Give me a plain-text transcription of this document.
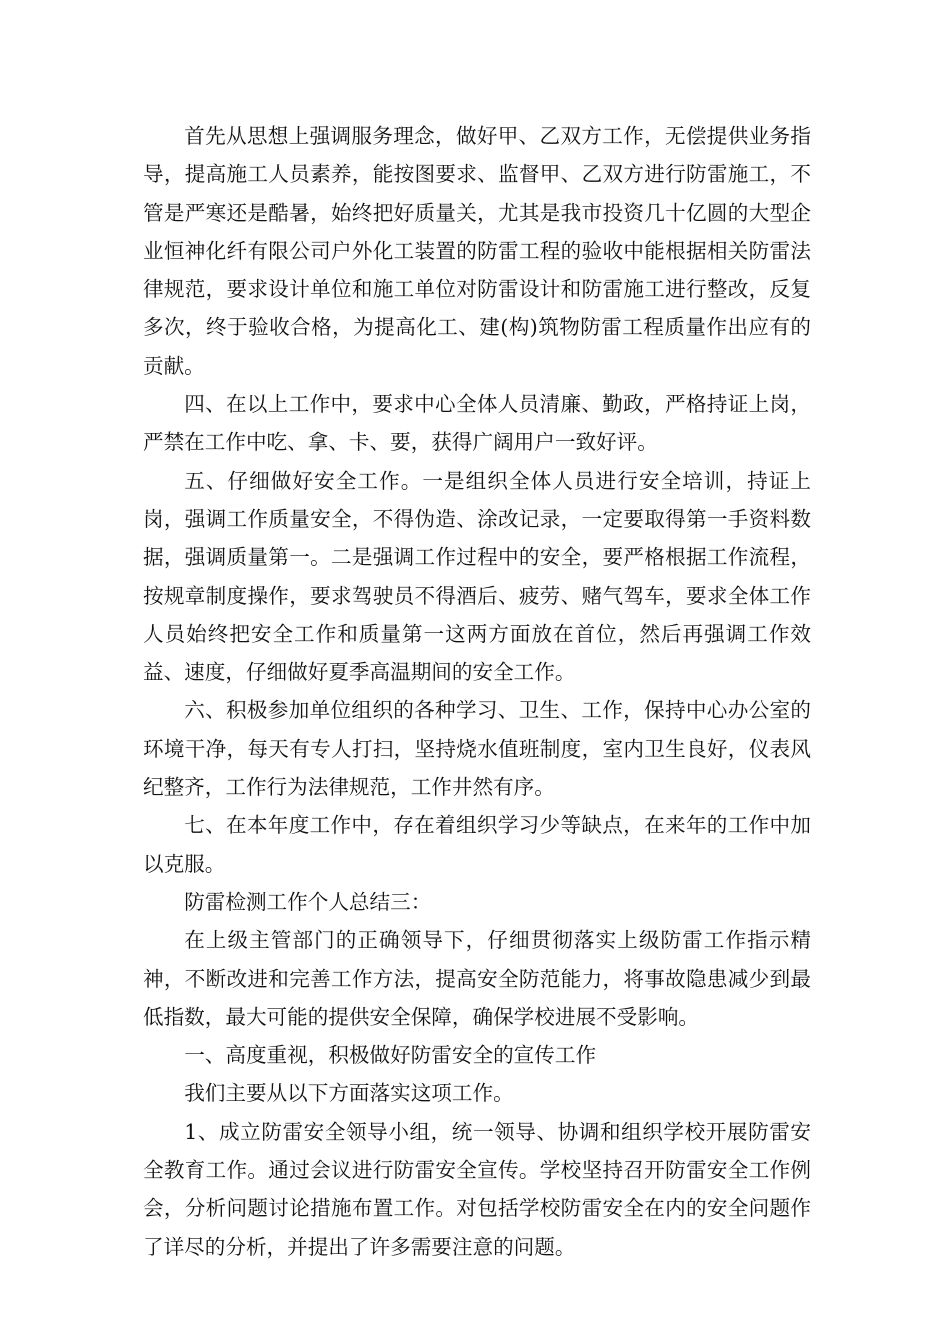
首先从思想上强调服务理念，做好甲、乙双方工作，无偿提供业务指导，提高施工人员素养，能按图要求、监督甲、乙双方进行防雷施工，不管是严寒还是酷暑，始终把好质量关，尤其是我市投资几十亿圆的大型企业恒神化纤有限公司户外化工装置的防雷工程的验收中能根据相关防雷法律规范，要求设计单位和施工单位对防雷设计和防雷施工进行整改，反复多次，终于验收合格，为提高化工、建(构)筑物防雷工程质量作出应有的贡献。

四、在以上工作中，要求中心全体人员清廉、勤政，严格持证上岗，严禁在工作中吃、拿、卡、要，获得广阔用户一致好评。

五、仔细做好安全工作。一是组织全体人员进行安全培训，持证上岗，强调工作质量安全，不得伪造、涂改记录，一定要取得第一手资料数据，强调质量第一。二是强调工作过程中的安全，要严格根据工作流程，按规章制度操作，要求驾驶员不得酒后、疲劳、赌气驾车，要求全体工作人员始终把安全工作和质量第一这两方面放在首位，然后再强调工作效益、速度，仔细做好夏季高温期间的安全工作。

六、积极参加单位组织的各种学习、卫生、工作，保持中心办公室的环境干净，每天有专人打扫，坚持烧水值班制度，室内卫生良好，仪表风纪整齐，工作行为法律规范，工作井然有序。

七、在本年度工作中，存在着组织学习少等缺点，在来年的工作中加以克服。

防雷检测工作个人总结三：

在上级主管部门的正确领导下，仔细贯彻落实上级防雷工作指示精神，不断改进和完善工作方法，提高安全防范能力，将事故隐患减少到最低指数，最大可能的提供安全保障，确保学校进展不受影响。

一、高度重视，积极做好防雷安全的宣传工作

我们主要从以下方面落实这项工作。

1、成立防雷安全领导小组，统一领导、协调和组织学校开展防雷安全教育工作。通过会议进行防雷安全宣传。学校坚持召开防雷安全工作例会，分析问题讨论措施布置工作。对包括学校防雷安全在内的安全问题作了详尽的分析，并提出了许多需要注意的问题。
